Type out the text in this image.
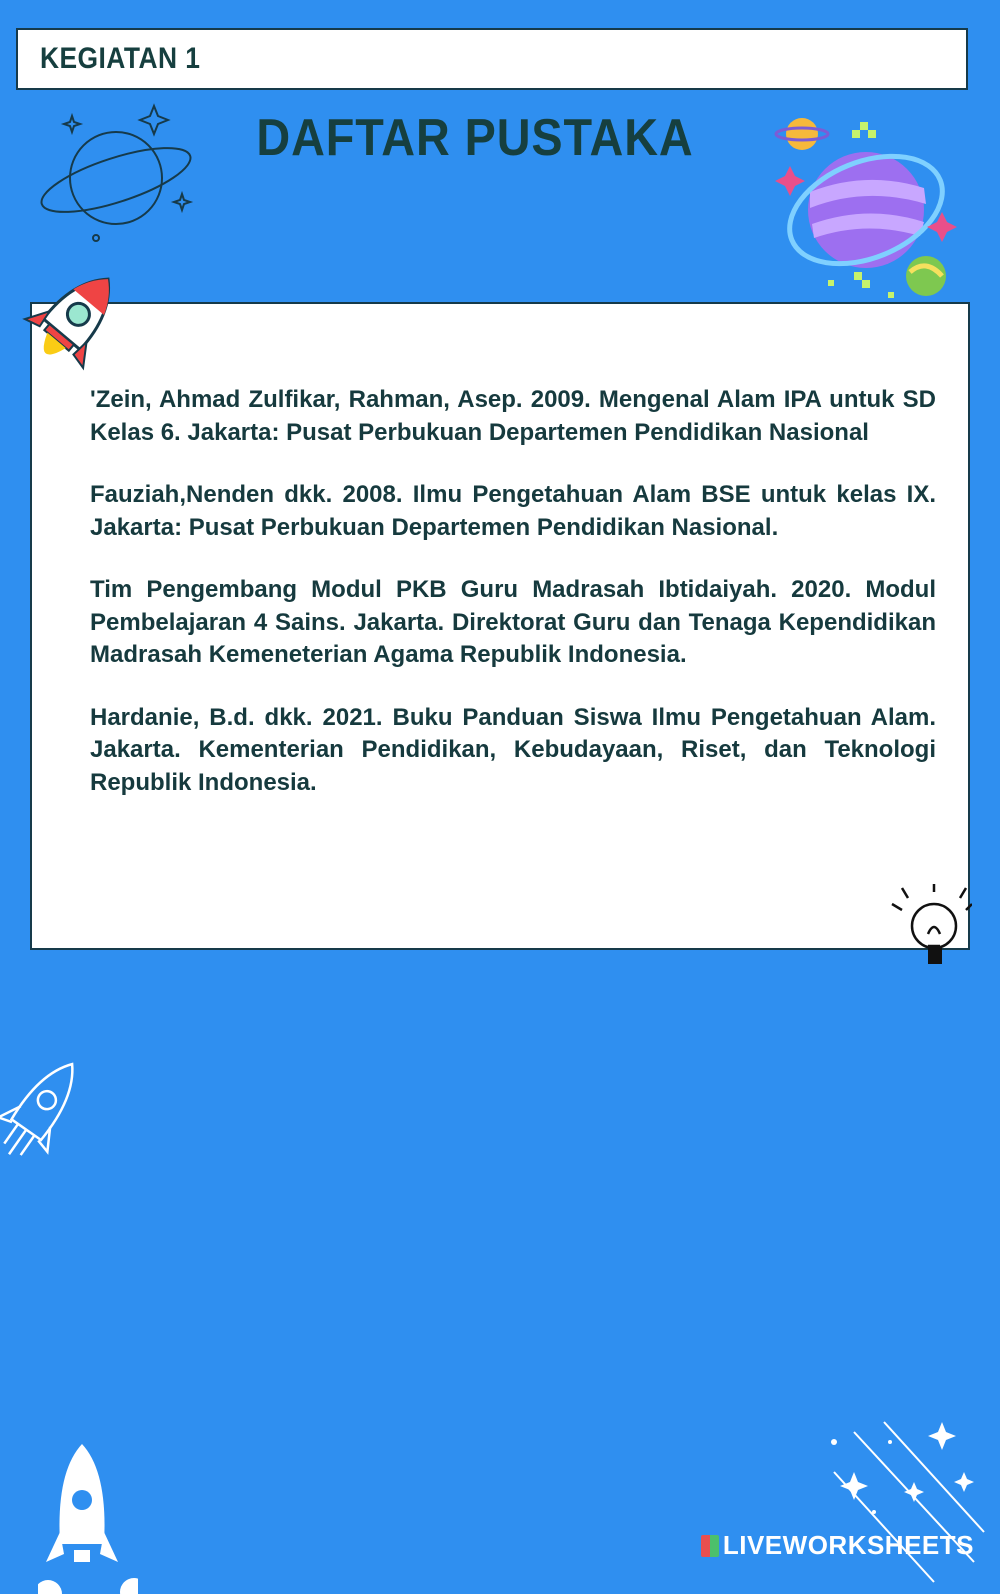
KEGIATAN 1
DAFTAR PUSTAKA

'Zein, Ahmad Zulfikar, Rahman, Asep. 2009. Mengenal Alam IPA untuk SD Kelas 6. Jakarta: Pusat Perbukuan Departemen Pendidikan Nasional

Fauziah,Nenden dkk. 2008. Ilmu Pengetahuan Alam BSE untuk kelas IX. Jakarta: Pusat Perbukuan Departemen Pendidikan Nasional.

Tim Pengembang Modul PKB Guru Madrasah Ibtidaiyah. 2020. Modul Pembelajaran 4 Sains. Jakarta. Direktorat Guru dan Tenaga Kependidikan Madrasah Kemeneterian Agama Republik Indonesia.

Hardanie, B.d. dkk. 2021. Buku Panduan Siswa Ilmu Pengetahuan Alam. Jakarta. Kementerian Pendidikan, Kebudayaan, Riset, dan Teknologi Republik Indonesia.

LIVEWORKSHEETS
